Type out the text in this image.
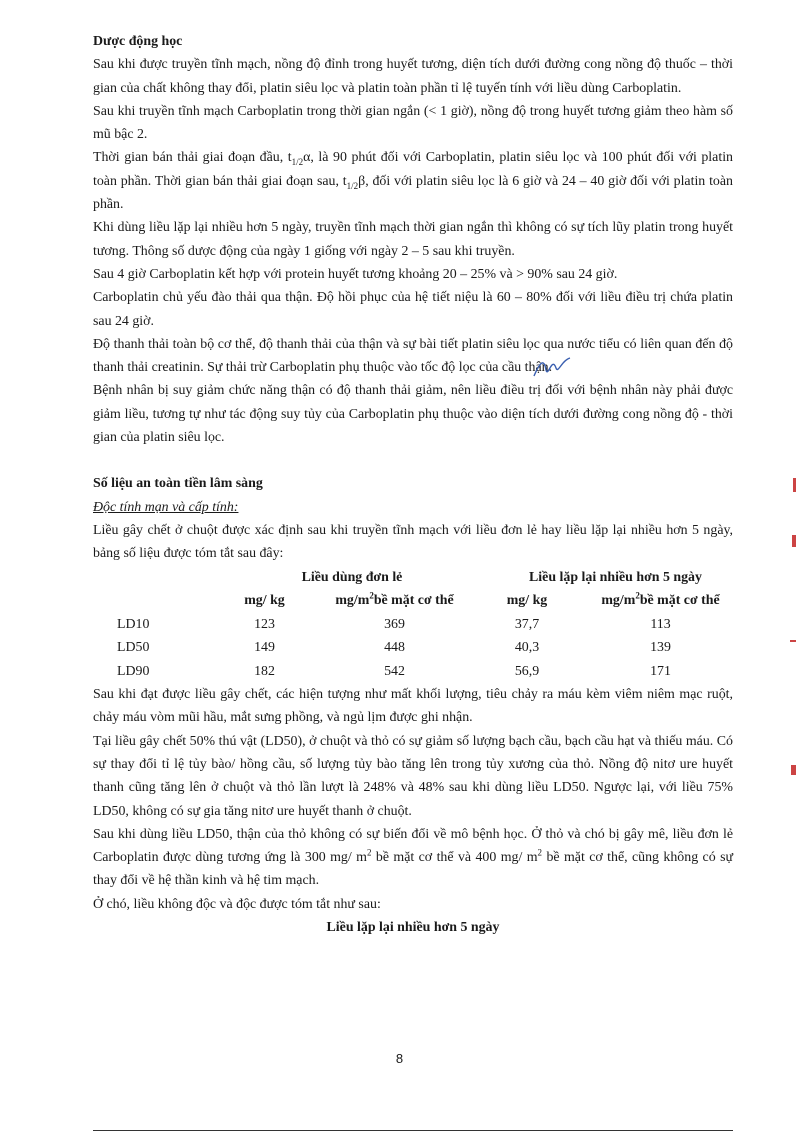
Dược động học

Sau khi được truyền tĩnh mạch, nồng độ đỉnh trong huyết tương, diện tích dưới đường cong nồng độ thuốc – thời gian của chất không thay đổi, platin siêu lọc và platin toàn phần tỉ lệ tuyến tính với liều dùng Carboplatin.

Sau khi truyền tĩnh mạch Carboplatin trong thời gian ngắn (< 1 giờ), nồng độ trong huyết tương giảm theo hàm số mũ bậc 2.

Thời gian bán thải giai đoạn đầu, $t_{1/2}\alpha$, là 90 phút đối với Carboplatin, platin siêu lọc và 100 phút đối với platin toàn phần. Thời gian bán thải giai đoạn sau, $t_{1/2}\beta$, đối với platin siêu lọc là 6 giờ và 24 – 40 giờ đối với platin toàn phần.

Khi dùng liều lặp lại nhiều hơn 5 ngày, truyền tĩnh mạch thời gian ngắn thì không có sự tích lũy platin trong huyết tương. Thông số dược động của ngày 1 giống với ngày 2 – 5 sau khi truyền.

Sau 4 giờ Carboplatin kết hợp với protein huyết tương khoảng 20 – 25% và > 90% sau 24 giờ.

Carboplatin chủ yếu đào thải qua thận. Độ hồi phục của hệ tiết niệu là 60 – 80% đối với liều điều trị chứa platin sau 24 giờ.

Độ thanh thải toàn bộ cơ thể, độ thanh thải của thận và sự bài tiết platin siêu lọc qua nước tiểu có liên quan đến độ thanh thải creatinin. Sự thải trừ Carboplatin phụ thuộc vào tốc độ lọc của cầu thận.

Bệnh nhân bị suy giảm chức năng thận có độ thanh thải giảm, nên liều điều trị đối với bệnh nhân này phải được giảm liều, tương tự như tác động suy tủy của Carboplatin phụ thuộc vào diện tích dưới đường cong nồng độ - thời gian của platin siêu lọc.

Số liệu an toàn tiền lâm sàng
Độc tính mạn và cấp tính:

Liều gây chết ở chuột được xác định sau khi truyền tĩnh mạch với liều đơn lẻ hay liều lặp lại nhiều hơn 5 ngày, bảng số liệu được tóm tắt sau đây:

	Liều dùng đơn lẻ		Liều lặp lại nhiều hơn 5 ngày	
	mg/ kg	$mg/m^2bề$ mặt cơ thể	mg/ kg	$mg/m^2bề$ mặt cơ thể
LD10	123	369	37,7	113
LD50	149	448	40,3	139
LD90	182	542	56,9	171

Sau khi đạt được liều gây chết, các hiện tượng như mất khối lượng, tiêu chảy ra máu kèm viêm niêm mạc ruột, chảy máu vòm mũi hầu, mắt sưng phồng, và ngủ lịm được ghi nhận.

Tại liều gây chết 50% thú vật (LD50), ở chuột và thỏ có sự giảm số lượng bạch cầu, bạch cầu hạt và thiếu máu. Có sự thay đổi tỉ lệ tủy bào/ hồng cầu, số lượng tủy bào tăng lên trong tủy xương của thỏ. Nồng độ nitơ ure huyết thanh cũng tăng lên ở chuột và thỏ lần lượt là 248% và 48% sau khi dùng liều LD50. Ngược lại, với liều 75% LD50, không có sự gia tăng nitơ ure huyết thanh ở chuột.

Sau khi dùng liều LD50, thận của thỏ không có sự biến đổi về mô bệnh học. Ở thỏ và chó bị gây mê, liều đơn lẻ Carboplatin được dùng tương ứng là 300 mg/ $m^2$ bề mặt cơ thể và 400 mg/ $m^2$ bề mặt cơ thể, cũng không có sự thay đổi về hệ thần kinh và hệ tim mạch.

Ở chó, liều không độc và độc được tóm tắt như sau:

Liều lặp lại nhiều hơn 5 ngày
8
